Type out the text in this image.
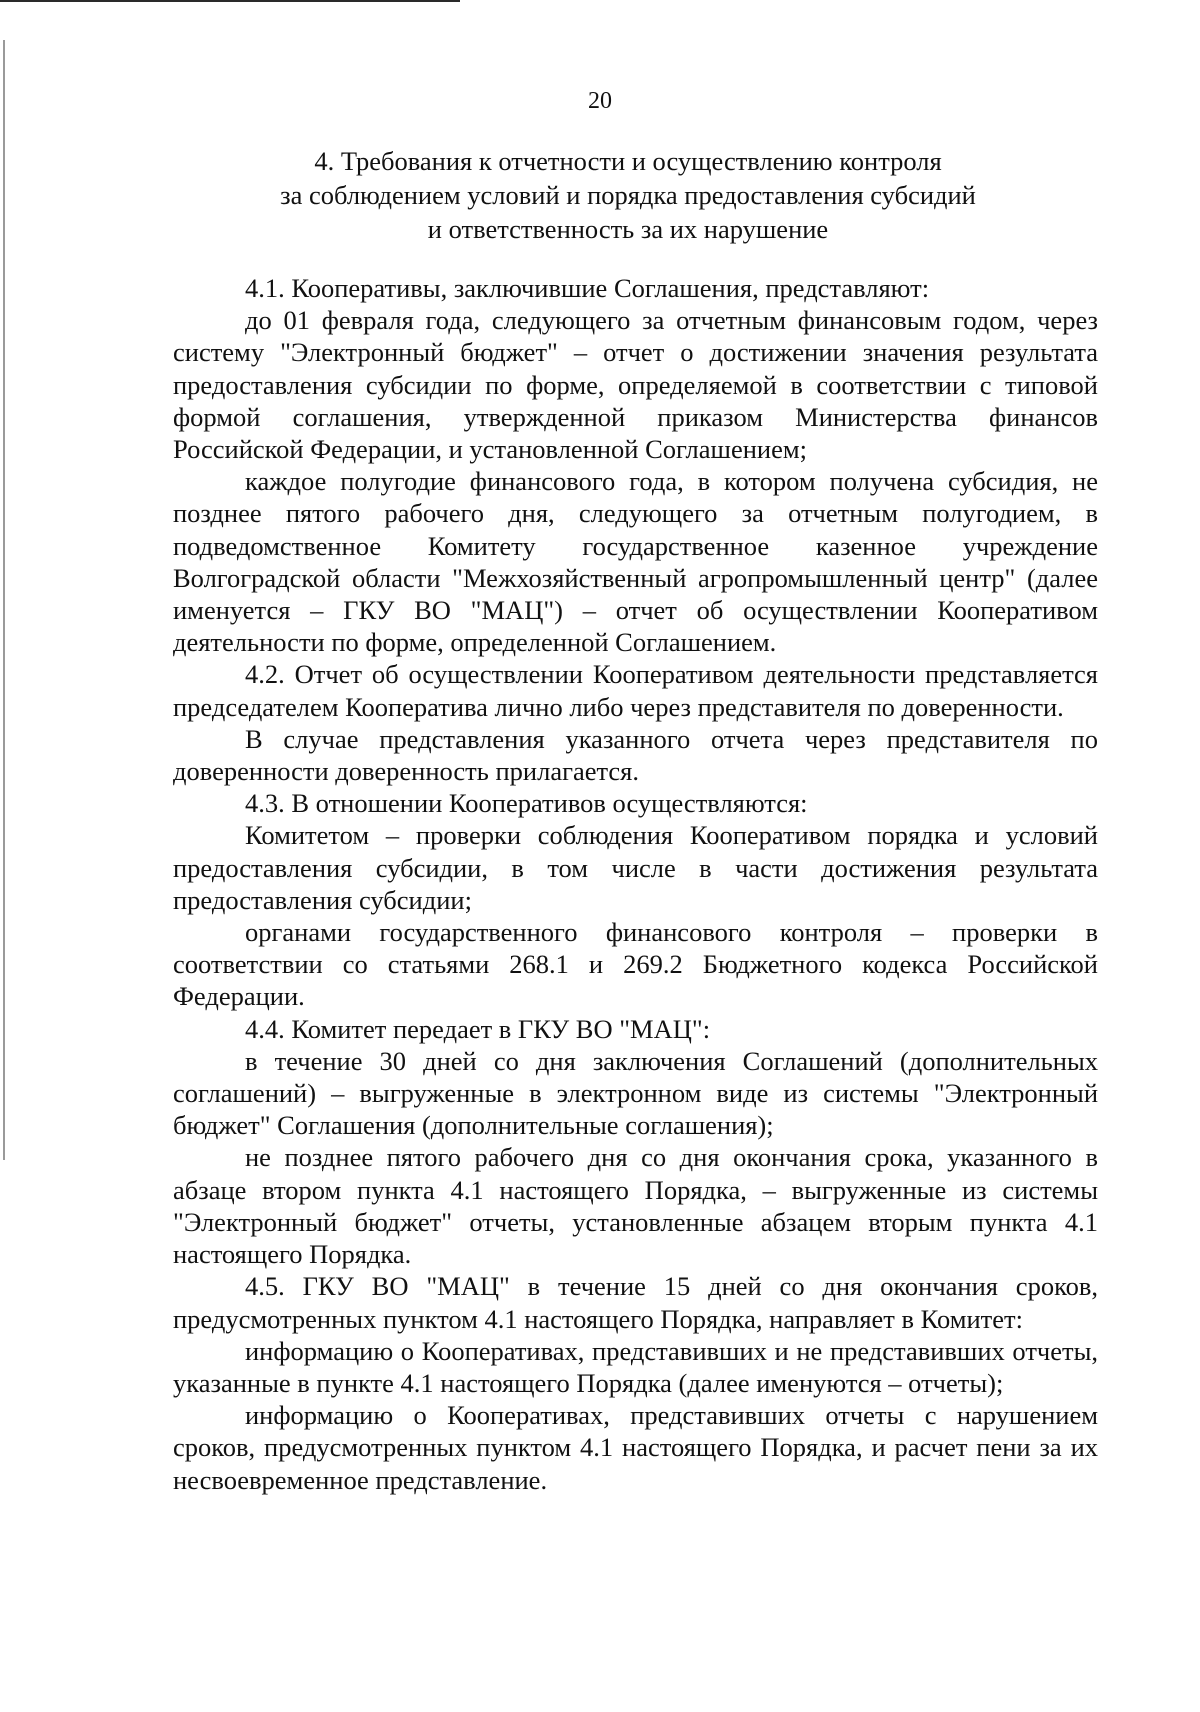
20
4. Требования к отчетности и осуществлению контроля
за соблюдением условий и порядка предоставления субсидий
и ответственность за их нарушение

4.1. Кооперативы, заключившие Соглашения, представляют:

до 01 февраля года, следующего за отчетным финансовым годом, через систему "Электронный бюджет" – отчет о достижении значения результата предоставления субсидии по форме, определяемой в соответствии с типовой формой соглашения, утвержденной приказом Министерства финансов Российской Федерации, и установленной Соглашением;

каждое полугодие финансового года, в котором получена субсидия, не позднее пятого рабочего дня, следующего за отчетным полугодием, в подведомственное Комитету государственное казенное учреждение Волгоградской области "Межхозяйственный агропромышленный центр" (далее именуется – ГКУ ВО "МАЦ") – отчет об осуществлении Кооперативом деятельности по форме, определенной Соглашением.

4.2. Отчет об осуществлении Кооперативом деятельности представляется председателем Кооператива лично либо через представителя по доверенности.

В случае представления указанного отчета через представителя по доверенности доверенность прилагается.

4.3. В отношении Кооперативов осуществляются:

Комитетом – проверки соблюдения Кооперативом порядка и условий предоставления субсидии, в том числе в части достижения результата предоставления субсидии;

органами государственного финансового контроля – проверки в соответствии со статьями 268.1 и 269.2 Бюджетного кодекса Российской Федерации.

4.4. Комитет передает в ГКУ ВО "МАЦ":

в течение 30 дней со дня заключения Соглашений (дополнительных соглашений) – выгруженные в электронном виде из системы "Электронный бюджет" Соглашения (дополнительные соглашения);

не позднее пятого рабочего дня со дня окончания срока, указанного в абзаце втором пункта 4.1 настоящего Порядка, – выгруженные из системы "Электронный бюджет" отчеты, установленные абзацем вторым пункта 4.1 настоящего Порядка.

4.5. ГКУ ВО "МАЦ" в течение 15 дней со дня окончания сроков, предусмотренных пунктом 4.1 настоящего Порядка, направляет в Комитет:

информацию о Кооперативах, представивших и не представивших отчеты, указанные в пункте 4.1 настоящего Порядка (далее именуются – отчеты);

информацию о Кооперативах, представивших отчеты с нарушением сроков, предусмотренных пунктом 4.1 настоящего Порядка, и расчет пени за их несвоевременное представление.
